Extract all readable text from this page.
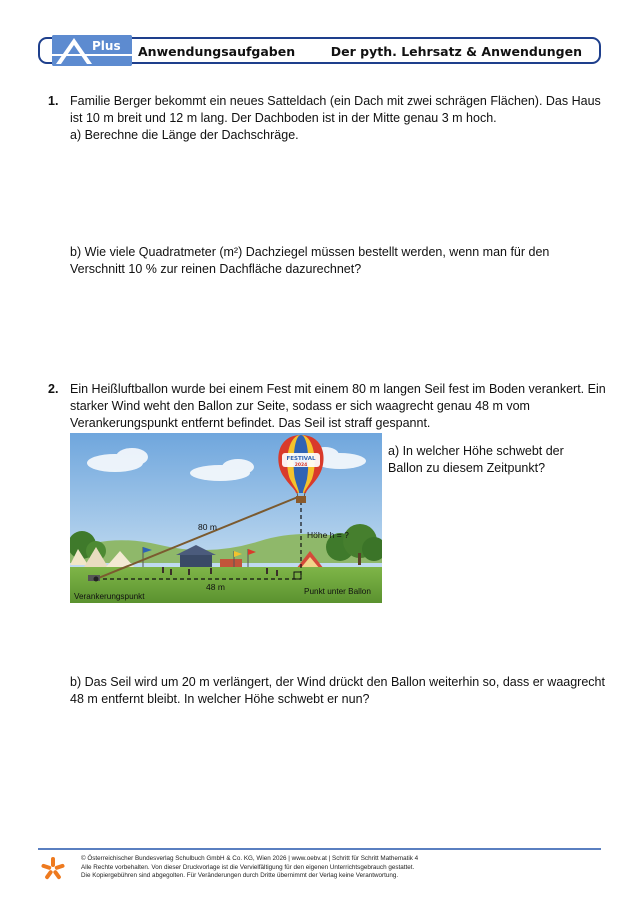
Plus Anwendungsaufgaben	Der pyth. Lehrsatz & Anwendungen
1. Familie Berger bekommt ein neues Satteldach (ein Dach mit zwei schrägen Flächen). Das Haus
ist 10 m breit und 12 m lang. Der Dachboden ist in der Mitte genau 3 m hoch.
a) Berechne die Länge der Dachschräge.
b) Wie viele Quadratmeter (m²) Dachziegel müssen bestellt werden, wenn man für den
Verschnitt 10 % zur reinen Dachfläche dazurechnet?
2. Ein Heißluftballon wurde bei einem Fest mit einem 80 m langen Seil fest im Boden verankert. Ein
starker Wind weht den Ballon zur Seite, sodass er sich waagrecht genau 48 m vom
Verankerungspunkt entfernt befindet. Das Seil ist straff gespannt.
FESTIVAL
2024
80 m
Höhe h = ?
48 m
Verankerungspunkt
Punkt unter Ballon
a) In welcher Höhe schwebt der
Ballon zu diesem Zeitpunkt?
b) Das Seil wird um 20 m verlängert, der Wind drückt den Ballon weiterhin so, dass er waagrecht
48 m entfernt bleibt. In welcher Höhe schwebt er nun?
© Österreichischer Bundesverlag Schulbuch GmbH & Co. KG, Wien 2026 | www.oebv.at | Schritt für Schritt Mathematik 4
Alle Rechte vorbehalten. Von dieser Druckvorlage ist die Vervielfältigung für den eigenen Unterrichtsgebrauch gestattet.
Die Kopiergebühren sind abgegolten. Für Veränderungen durch Dritte übernimmt der Verlag keine Verantwortung.
